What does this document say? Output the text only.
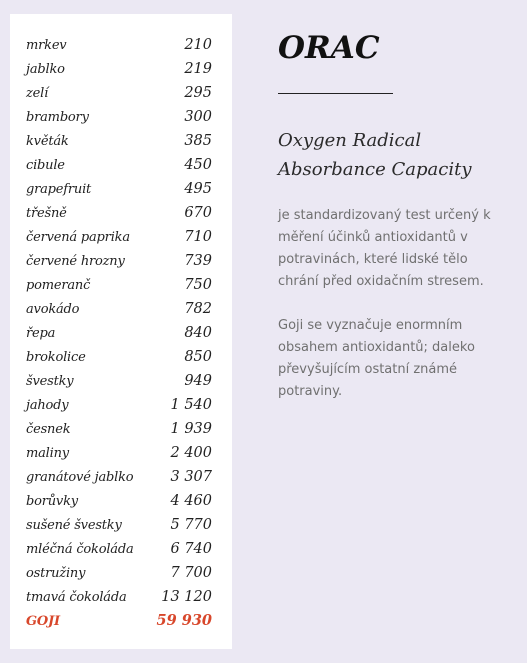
mrkev	210
jablko	219
zelí	295
brambory	300
květák	385
cibule	450
grapefruit	495
třešně	670
červená paprika	710
červené hrozny	739
pomeranč	750
avokádo	782
řepa	840
brokolice	850
švestky	949
jahody	1 540
česnek	1 939
maliny	2 400
granátové jablko	3 307
borůvky	4 460
sušené švestky	5 770
mléčná čokoláda	6 740
ostružiny	7 700
tmavá čokoláda 13 120
GOJI	59 930
ORAC
Oxygen Radical Absorbance Capacity

je standardizovaný test určený k měření účinků antioxidantů v potravinách, které lidské tělo chrání před oxidačním stresem.

Goji se vyznačuje enormním obsahem antioxidantů; daleko převyšujícím ostatní známé potraviny.
